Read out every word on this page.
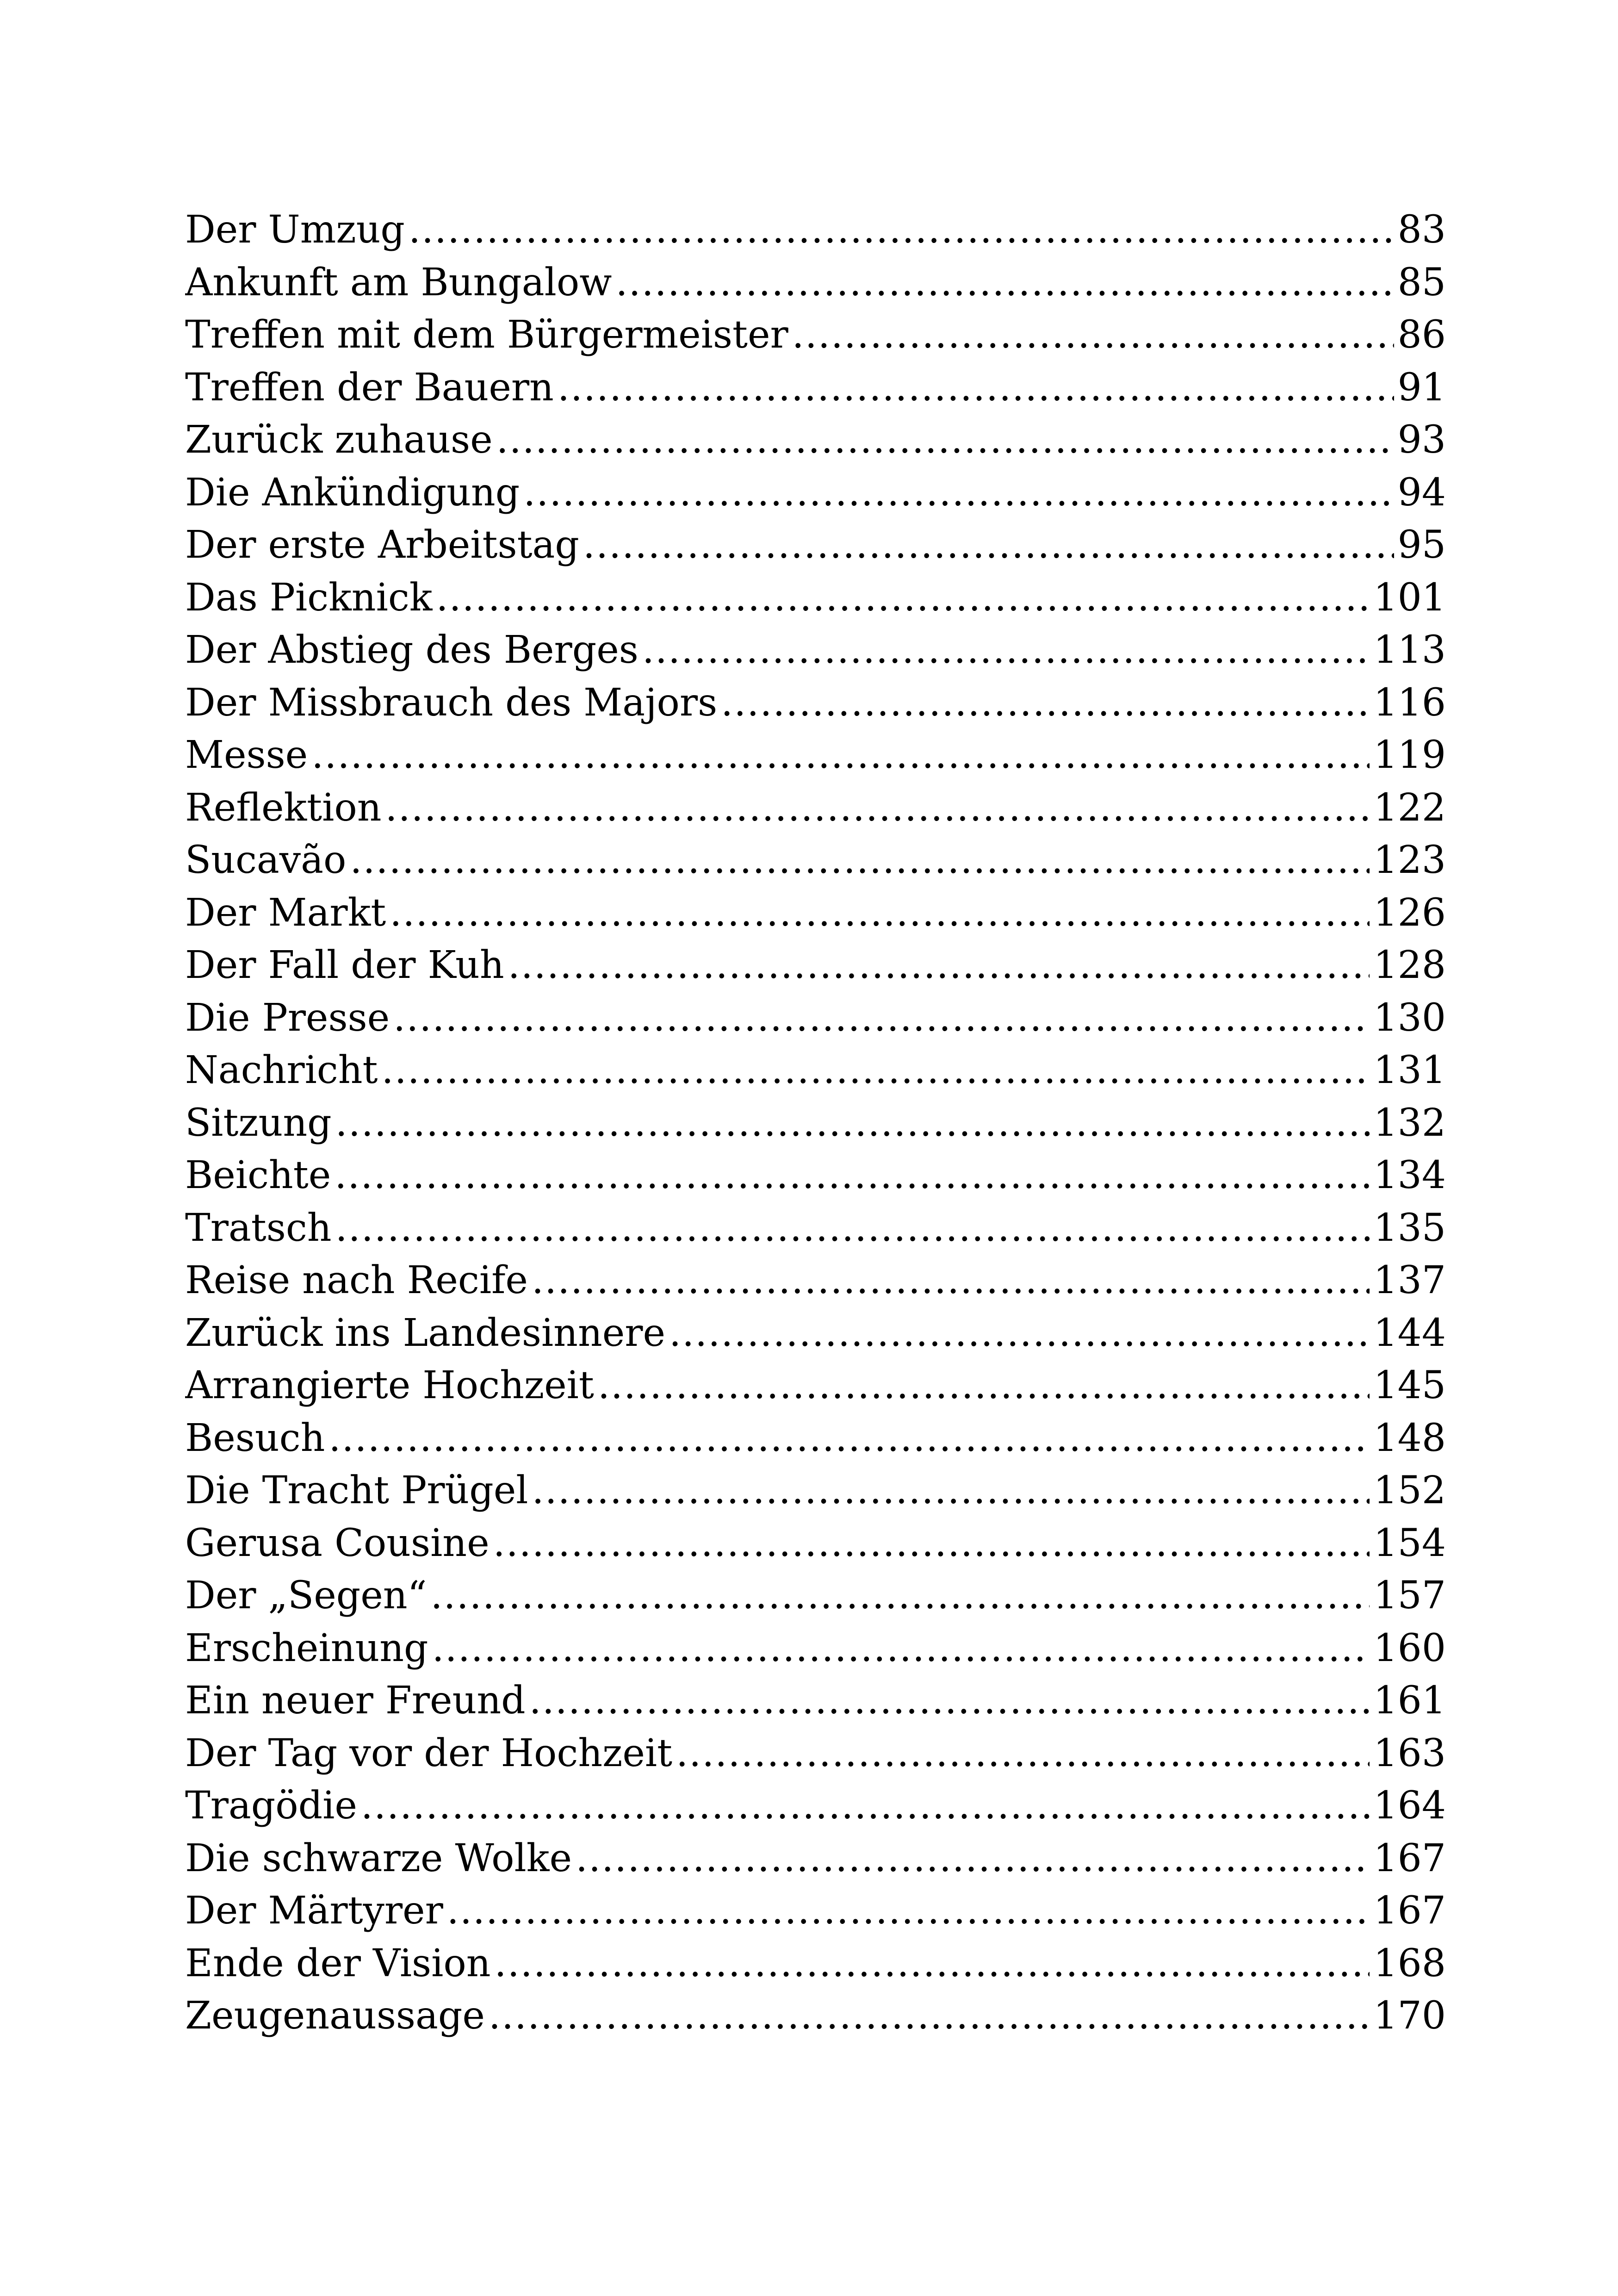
Der Umzug .....	83
Ankunft am Bungalow .....	85
Treffen mit dem Bürgermeister .....	86
Treffen der Bauern .....	91
Zurück zuhause .....	93
Die Ankündigung .....	94
Der erste Arbeitstag .....	95
Das Picknick .....	101
Der Abstieg des Berges .....	113
Der Missbrauch des Majors .....	116
Messe .....	119
Reflektion .....	122
Sucavão .....	123
Der Markt .....	126
Der Fall der Kuh .....	128
Die Presse .....	130
Nachricht .....	131
Sitzung .....	132
Beichte .....	134
Tratsch .....	135
Reise nach Recife .....	137
Zurück ins Landesinnere .....	144
Arrangierte Hochzeit .....	145
Besuch .....	148
Die Tracht Prügel .....	152
Gerusa Cousine .....	154
Der „Segen“ .....	157
Erscheinung .....	160
Ein neuer Freund .....	161
Der Tag vor der Hochzeit .....	163
Tragödie .....	164
Die schwarze Wolke .....	167
Der Märtyrer .....	167
Ende der Vision .....	168
Zeugenaussage .....	170
